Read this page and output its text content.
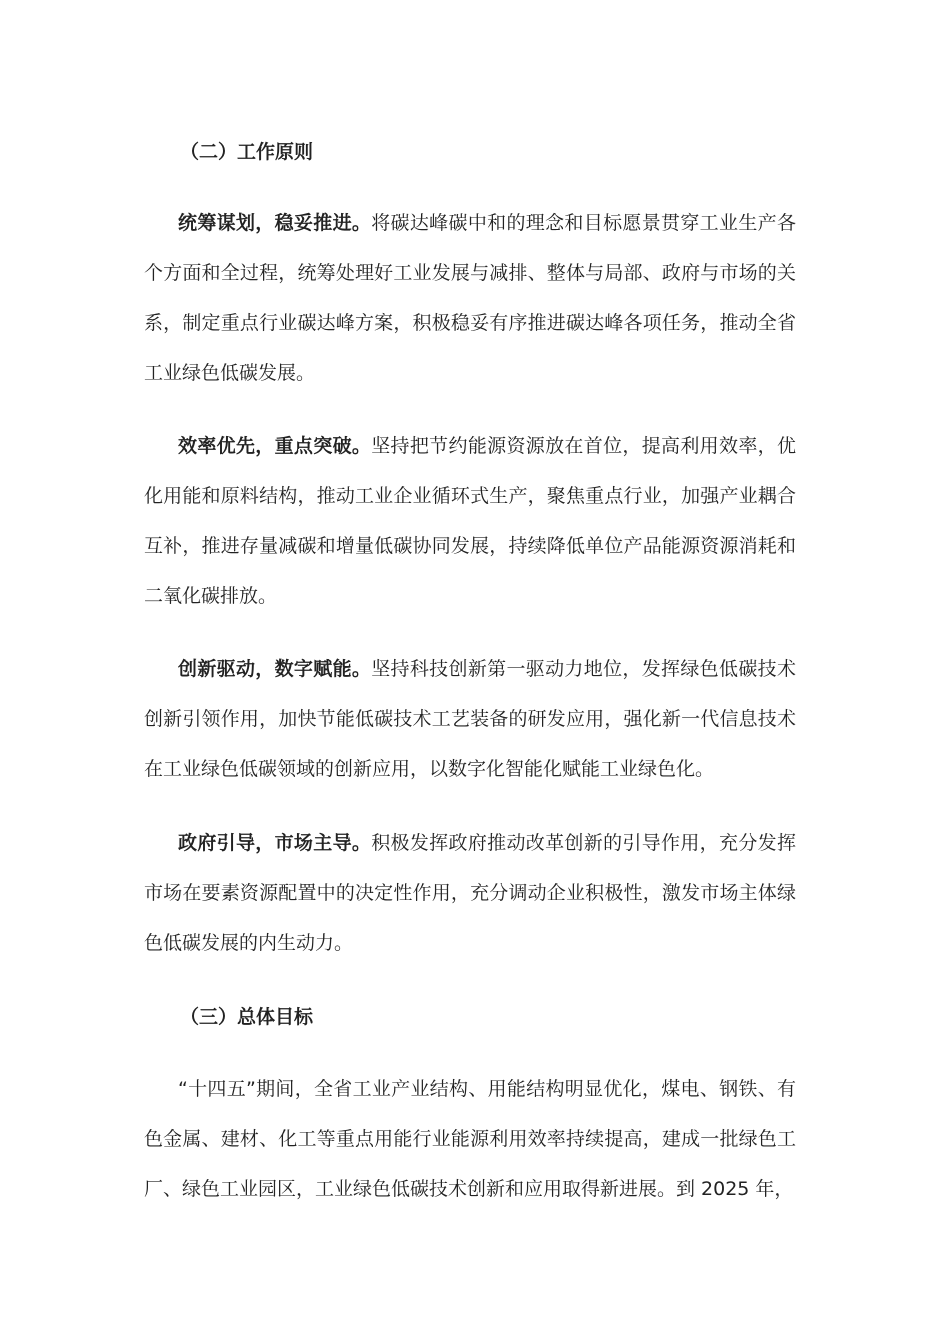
（二）工作原则

统筹谋划，稳妥推进。将碳达峰碳中和的理念和目标愿景贯穿工业生产各个方面和全过程，统筹处理好工业发展与减排、整体与局部、政府与市场的关系，制定重点行业碳达峰方案，积极稳妥有序推进碳达峰各项任务，推动全省工业绿色低碳发展。

效率优先，重点突破。坚持把节约能源资源放在首位，提高利用效率，优化用能和原料结构，推动工业企业循环式生产，聚焦重点行业，加强产业耦合互补，推进存量减碳和增量低碳协同发展，持续降低单位产品能源资源消耗和二氧化碳排放。

创新驱动，数字赋能。坚持科技创新第一驱动力地位，发挥绿色低碳技术创新引领作用，加快节能低碳技术工艺装备的研发应用，强化新一代信息技术在工业绿色低碳领域的创新应用，以数字化智能化赋能工业绿色化。

政府引导，市场主导。积极发挥政府推动改革创新的引导作用，充分发挥市场在要素资源配置中的决定性作用，充分调动企业积极性，激发市场主体绿色低碳发展的内生动力。

（三）总体目标

“十四五”期间，全省工业产业结构、用能结构明显优化，煤电、钢铁、有色金属、建材、化工等重点用能行业能源利用效率持续提高，建成一批绿色工厂、绿色工业园区，工业绿色低碳技术创新和应用取得新进展。到 2025 年，
